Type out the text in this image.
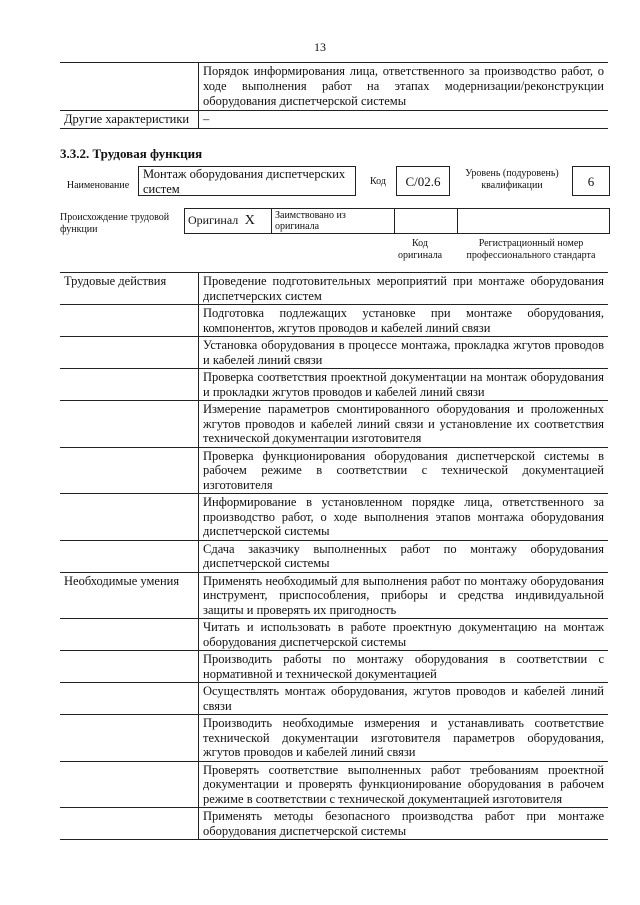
13
	Порядок информирования лица, ответственного за производство работ, о ходе выполнения работ на этапах модернизации/реконструкции оборудования диспетчерской системы
Другие характеристики	–
3.3.2. Трудовая функция
Наименование
Монтаж оборудования диспетчерских систем
Код	C/02.6
Уровень (подуровень) квалификации	6
Происхождение трудовой функции
Оригинал X	Заимствовано из оригинала		
Код оригинала
Регистрационный номер профессионального стандарта
Трудовые действия	Проведение подготовительных мероприятий при монтаже оборудования диспетчерских систем
	Подготовка подлежащих установке при монтаже оборудования, компонентов, жгутов проводов и кабелей линий связи
	Установка оборудования в процессе монтажа, прокладка жгутов проводов и кабелей линий связи
	Проверка соответствия проектной документации на монтаж оборудования и прокладки жгутов проводов и кабелей линий связи
	Измерение параметров смонтированного оборудования и проложенных жгутов проводов и кабелей линий связи и установление их соответствия технической документации изготовителя
	Проверка функционирования оборудования диспетчерской системы в рабочем режиме в соответствии с технической документацией изготовителя
	Информирование в установленном порядке лица, ответственного за производство работ, о ходе выполнения этапов монтажа оборудования диспетчерской системы
	Сдача заказчику выполненных работ по монтажу оборудования диспетчерской системы
Необходимые умения	Применять необходимый для выполнения работ по монтажу оборудования инструмент, приспособления, приборы и средства индивидуальной защиты и проверять их пригодность
	Читать и использовать в работе проектную документацию на монтаж оборудования диспетчерской системы
	Производить работы по монтажу оборудования в соответствии с нормативной и технической документацией
	Осуществлять монтаж оборудования, жгутов проводов и кабелей линий связи
	Производить необходимые измерения и устанавливать соответствие технической документации изготовителя параметров оборудования, жгутов проводов и кабелей линий связи
	Проверять соответствие выполненных работ требованиям проектной документации и проверять функционирование оборудования в рабочем режиме в соответствии с технической документацией изготовителя
	Применять методы безопасного производства работ при монтаже оборудования диспетчерской системы
